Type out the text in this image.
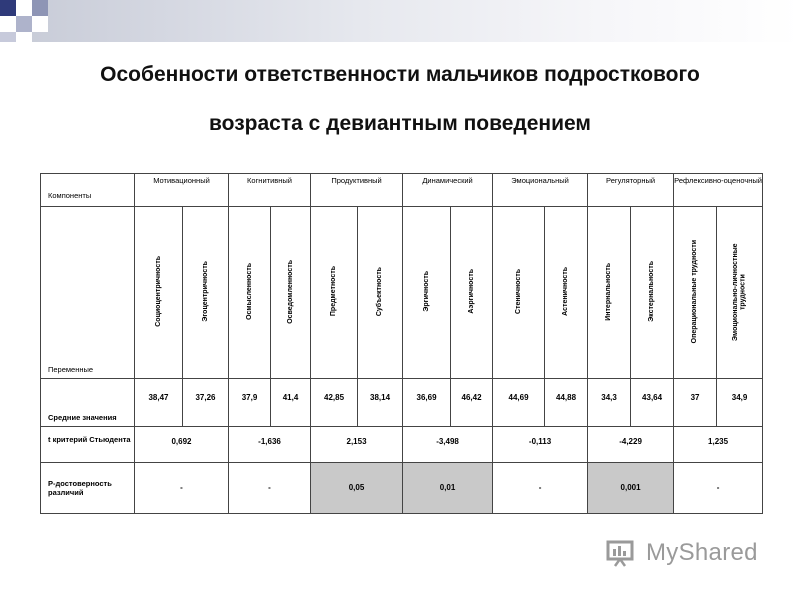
Особенности ответственности мальчиков подросткового
возраста с девиантным поведением
Компоненты	Мотивационный		Когнитивный		Продуктивный		Динамический		Эмоциональный		Регуляторный		Рефлексивно-оценочный	
Переменные	Социоцентричность	Эгоцентричность	Осмысленность	Осведомленность	Предметность	Субъектность	Эргичность	Аэргичность	Стеничность	Астеничность	Интернальность	Экстернальность	Операциональные трудности	Эмоционально-личностные трудности
Средние значения	38,47	37,26	37,9	41,4	42,85	38,14	36,69	46,42	44,69	44,88	34,3	43,64	37	34,9
t критерий Стьюдента	0,692		-1,636		2,153		-3,498		-0,113		-4,229		1,235	
Р-достоверность различий	-		-		0,05		0,01		-		0,001		-	
MyShared
